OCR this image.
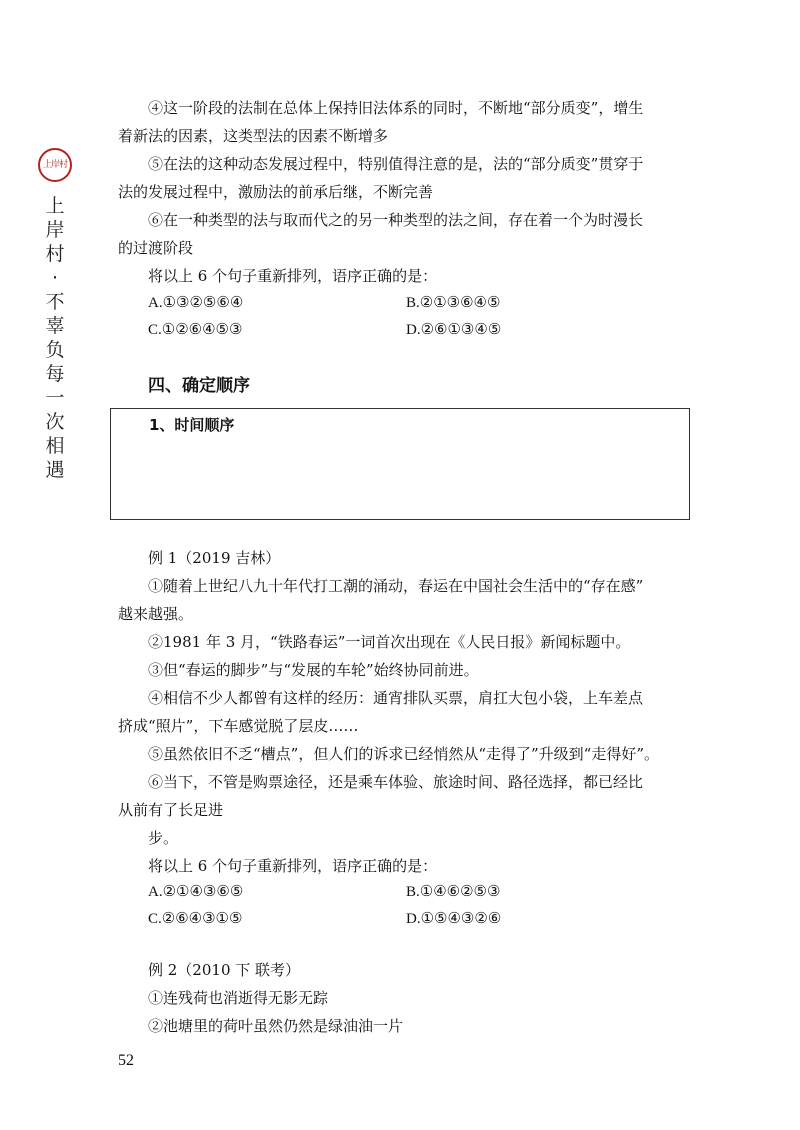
上岸村
上
岸
村
·
不
辜
负
每
一
次
相
遇
④这一阶段的法制在总体上保持旧法体系的同时，不断地“部分质变”，增生
着新法的因素，这类型法的因素不断增多
⑤在法的这种动态发展过程中，特别值得注意的是，法的“部分质变”贯穿于
法的发展过程中，激励法的前承后继，不断完善
⑥在一种类型的法与取而代之的另一种类型的法之间，存在着一个为时漫长
的过渡阶段
将以上 6 个句子重新排列，语序正确的是：
A.①③②⑤⑥④	B.②①③⑥④⑤
C.①②⑥④⑤③	D.②⑥①③④⑤
四、确定顺序
1、时间顺序
例 1（2019 吉林）
①随着上世纪八九十年代打工潮的涌动，春运在中国社会生活中的“存在感”
越来越强。
②1981 年 3 月，“铁路春运”一词首次出现在《人民日报》新闻标题中。
③但“春运的脚步”与“发展的车轮”始终协同前进。
④相信不少人都曾有这样的经历：通宵排队买票，肩扛大包小袋，上车差点
挤成“照片”，下车感觉脱了层皮……
⑤虽然依旧不乏“槽点”，但人们的诉求已经悄然从“走得了”升级到“走得好”。
⑥当下，不管是购票途径，还是乘车体验、旅途时间、路径选择，都已经比
从前有了长足进
步。
将以上 6 个句子重新排列，语序正确的是：
A.②①④③⑥⑤	B.①④⑥②⑤③
C.②⑥④③①⑤	D.①⑤④③②⑥
例 2（2010 下 联考）
①连残荷也消逝得无影无踪
②池塘里的荷叶虽然仍然是绿油油一片
52
